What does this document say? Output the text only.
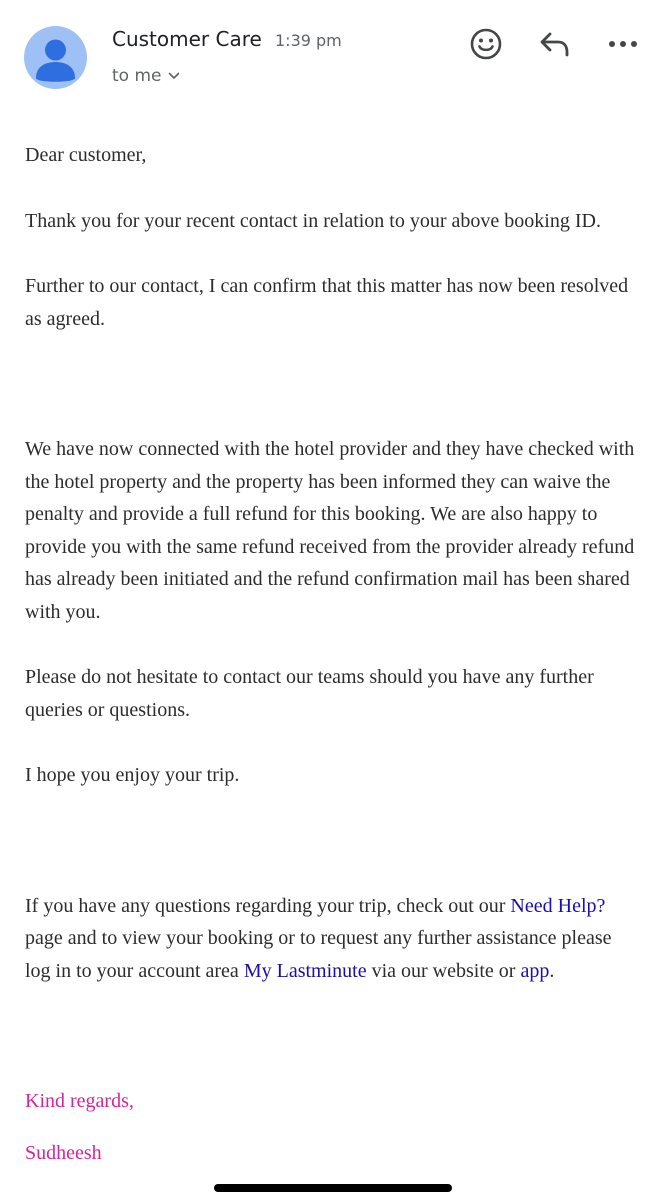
Customer Care 1:39 pm
to me

Dear customer,

Thank you for your recent contact in relation to your above booking ID.

Further to our contact, I can confirm that this matter has now been resolved as agreed.

We have now connected with the hotel provider and they have checked with the hotel property and the property has been informed they can waive the penalty and provide a full refund for this booking. We are also happy to provide you with the same refund received from the provider already refund has already been initiated and the refund confirmation mail has been shared with you.

Please do not hesitate to contact our teams should you have any further queries or questions.

I hope you enjoy your trip.

If you have any questions regarding your trip, check out our Need Help? page and to view your booking or to request any further assistance please log in to your account area My Lastminute via our website or app.

Kind regards,

Sudheesh
